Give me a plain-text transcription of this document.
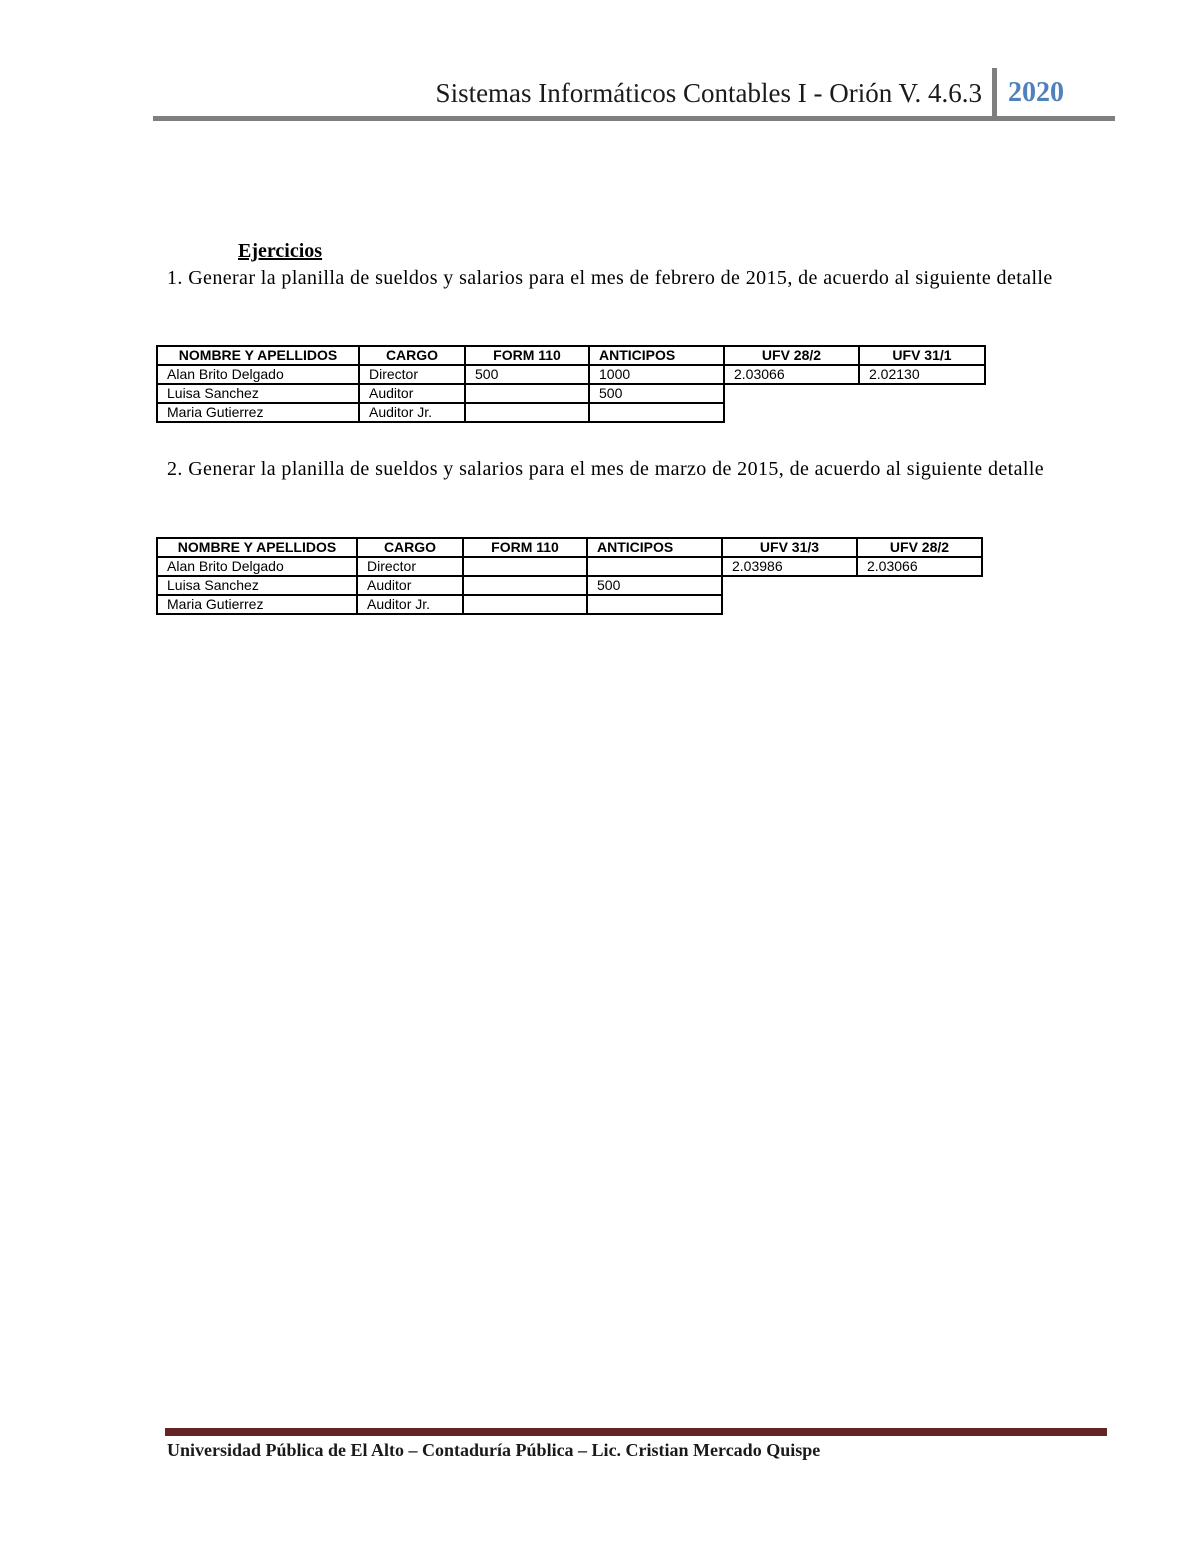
Sistemas Informáticos Contables I - Orión V. 4.6.3 2020
Ejercicios
1. Generar la planilla de sueldos y salarios para el mes de febrero de 2015, de acuerdo al siguiente detalle
NOMBRE Y APELLIDOS	CARGO	FORM 110	ANTICIPOS	UFV 28/2	UFV 31/1
Alan Brito Delgado	Director	500	1000	2.03066	2.02130
Luisa Sanchez	Auditor		500		
Maria Gutierrez	Auditor Jr.				
2. Generar la planilla de sueldos y salarios para el mes de marzo de 2015, de acuerdo al siguiente detalle
NOMBRE Y APELLIDOS	CARGO	FORM 110	ANTICIPOS	UFV 31/3	UFV 28/2
Alan Brito Delgado	Director			2.03986	2.03066
Luisa Sanchez	Auditor		500		
Maria Gutierrez	Auditor Jr.				
Universidad Pública de El Alto – Contaduría Pública – Lic. Cristian Mercado Quispe
